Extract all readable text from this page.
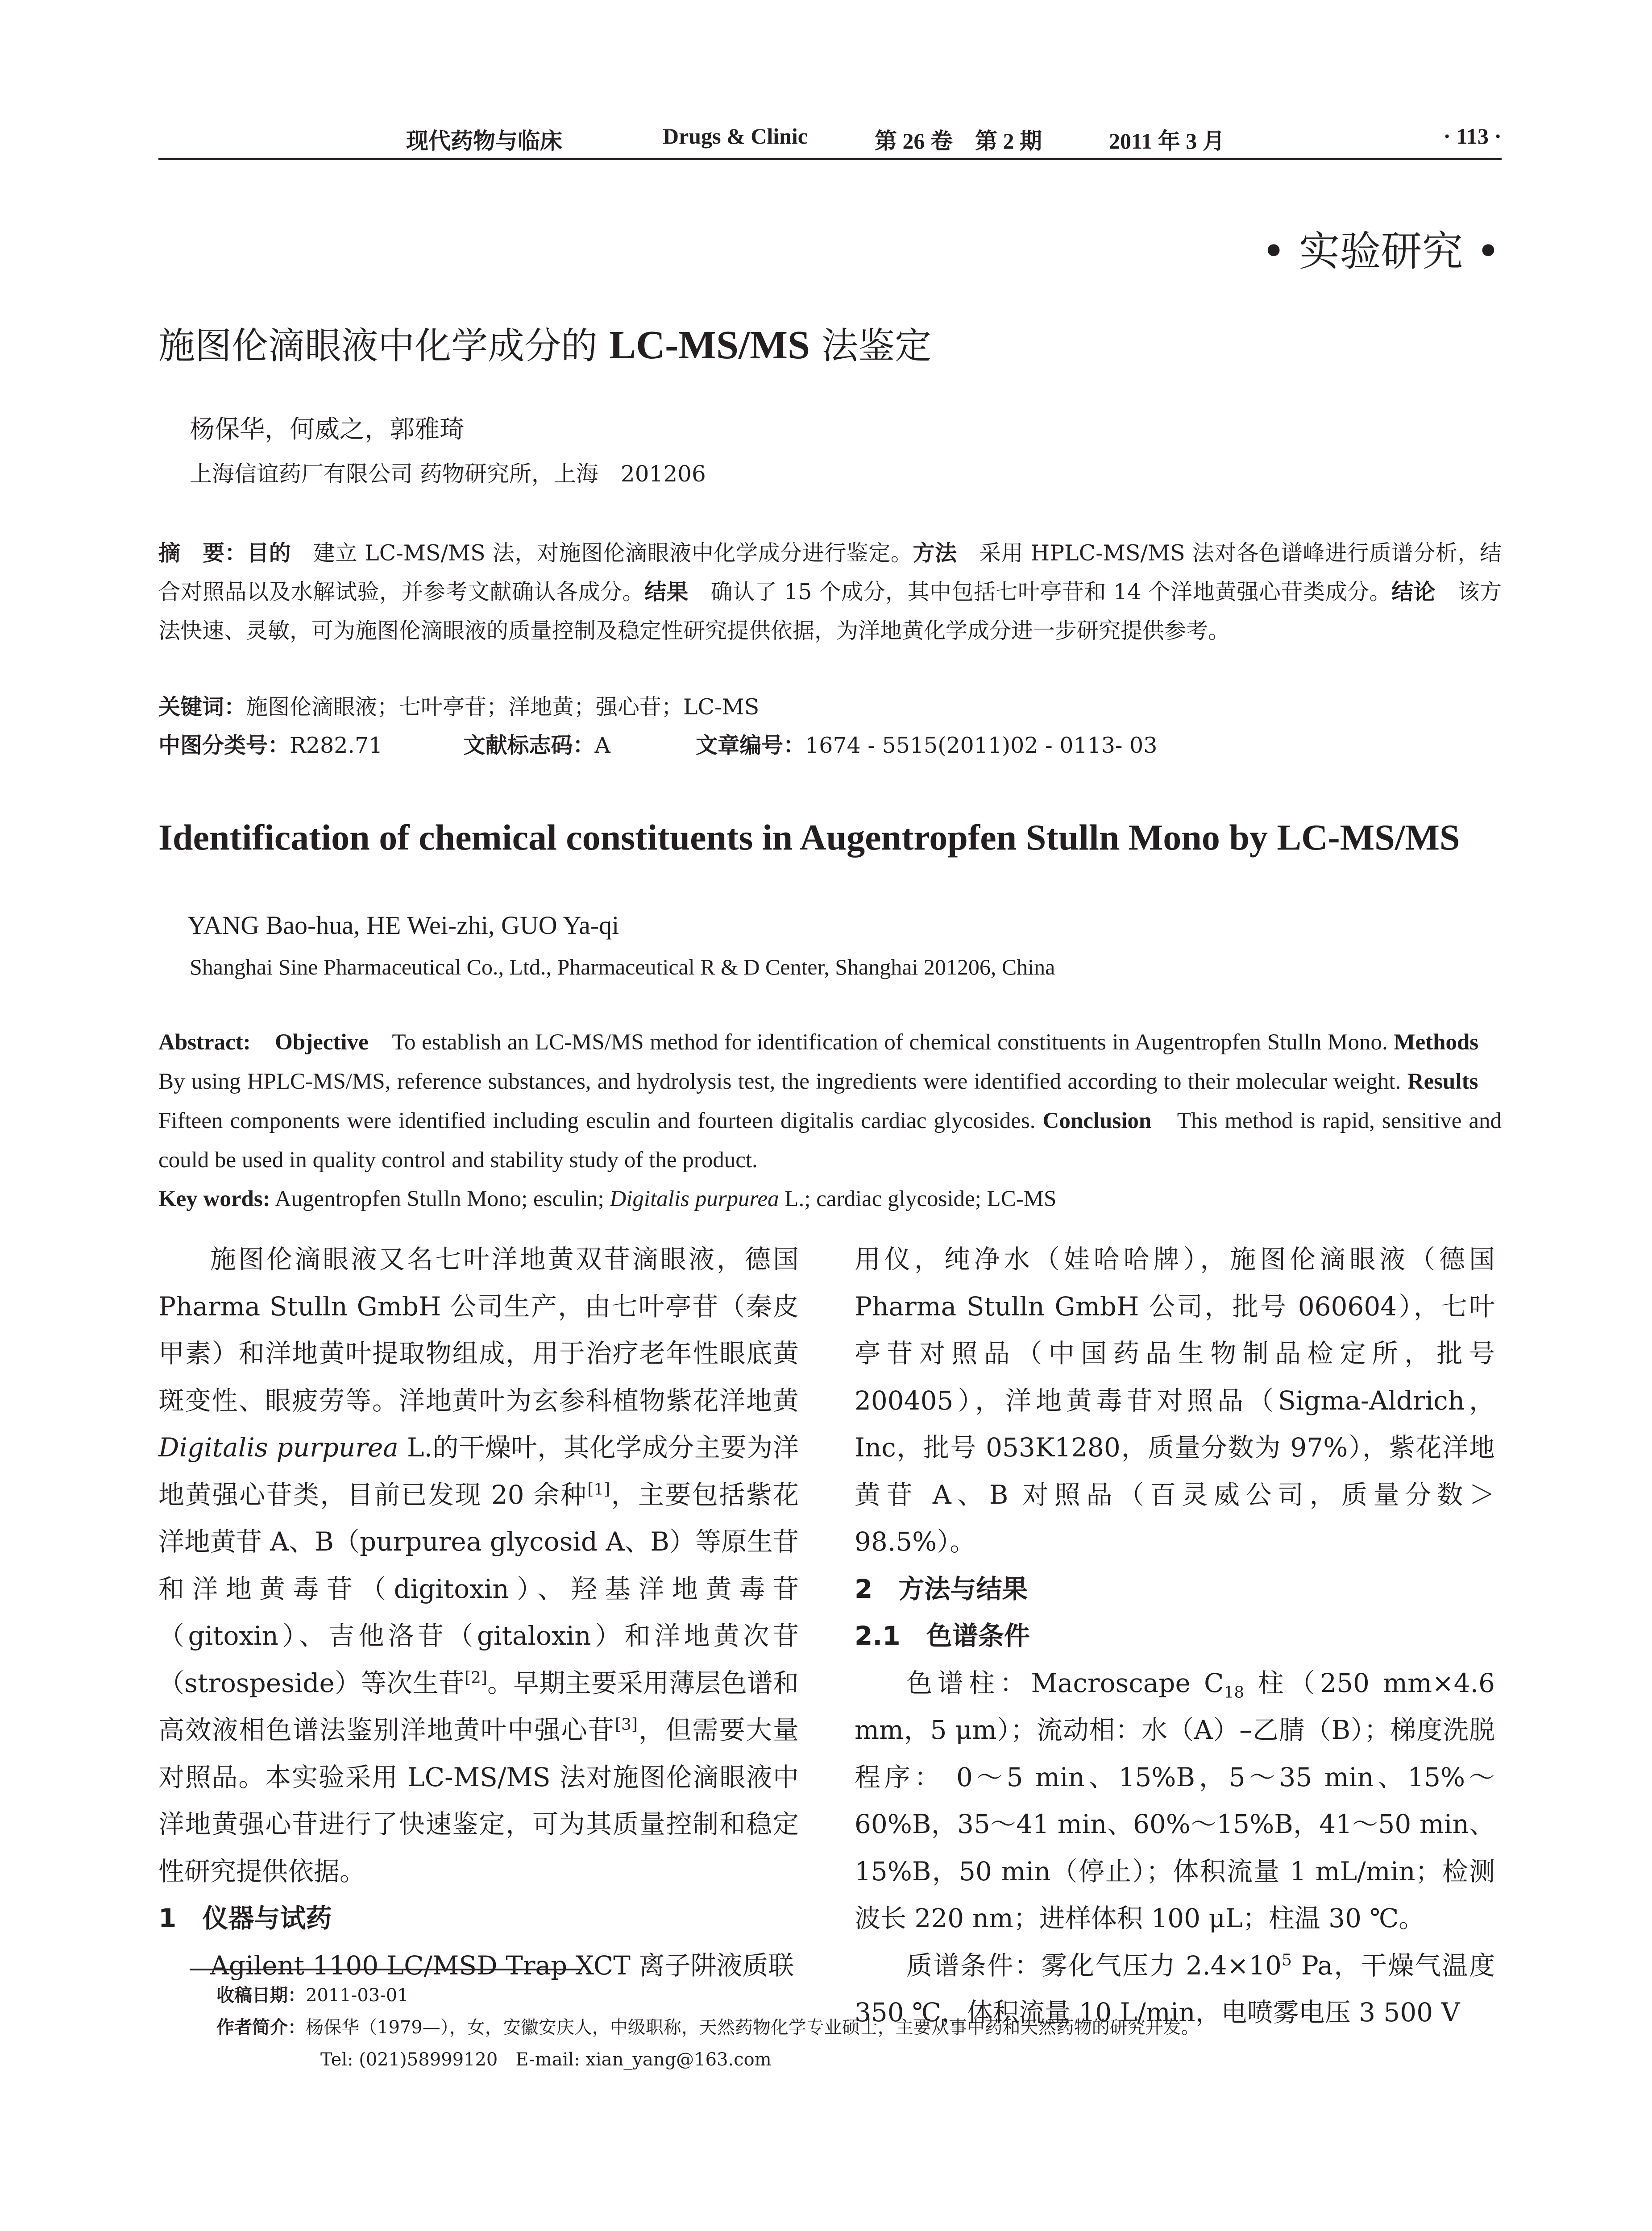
现代药物与临床	Drugs & Clinic	第 26 卷　第 2 期	2011 年 3 月	· 113 ·
• 实验研究 •
施图伦滴眼液中化学成分的 LC-MS/MS 法鉴定
杨保华，何威之，郭雅琦
上海信谊药厂有限公司 药物研究所，上海　201206
摘　要：目的　建立 LC-MS/MS 法，对施图伦滴眼液中化学成分进行鉴定。方法　采用 HPLC-MS/MS 法对各色谱峰进行质谱分析，结合对照品以及水解试验，并参考文献确认各成分。结果　确认了 15 个成分，其中包括七叶亭苷和 14 个洋地黄强心苷类成分。结论　该方法快速、灵敏，可为施图伦滴眼液的质量控制及稳定性研究提供依据，为洋地黄化学成分进一步研究提供参考。
关键词：施图伦滴眼液；七叶亭苷；洋地黄；强心苷；LC-MS
中图分类号：R282.71	文献标志码：A	文章编号：1674 - 5515(2011)02 - 0113- 03
Identification of chemical constituents in Augentropfen Stulln Mono by LC-MS/MS
YANG Bao-hua, HE Wei-zhi, GUO Ya-qi
Shanghai Sine Pharmaceutical Co., Ltd., Pharmaceutical R & D Center, Shanghai 201206, China
Abstract: Objective　To establish an LC-MS/MS method for identification of chemical constituents in Augentropfen Stulln Mono. Methods　By using HPLC-MS/MS, reference substances, and hydrolysis test, the ingredients were identified according to their molecular weight. Results　Fifteen components were identified including esculin and fourteen digitalis cardiac glycosides. Conclusion　This method is rapid, sensitive and could be used in quality control and stability study of the product.
Key words: Augentropfen Stulln Mono; esculin; Digitalis purpurea L.; cardiac glycoside; LC-MS

施图伦滴眼液又名七叶洋地黄双苷滴眼液，德国 Pharma Stulln GmbH 公司生产，由七叶亭苷（秦皮甲素）和洋地黄叶提取物组成，用于治疗老年性眼底黄斑变性、眼疲劳等。洋地黄叶为玄参科植物紫花洋地黄 Digitalis purpurea L.的干燥叶，其化学成分主要为洋地黄强心苷类，目前已发现 20 余种[1]，主要包括紫花洋地黄苷 A、B（purpurea glycosid A、B）等原生苷和洋地黄毒苷（digitoxin）、羟基洋地黄毒苷（gitoxin）、吉他洛苷（gitaloxin）和洋地黄次苷（strospeside）等次生苷[2]。早期主要采用薄层色谱和高效液相色谱法鉴别洋地黄叶中强心苷[3]，但需要大量对照品。本实验采用 LC-MS/MS 法对施图伦滴眼液中洋地黄强心苷进行了快速鉴定，可为其质量控制和稳定性研究提供依据。

1　仪器与试药

Agilent 1100 LC/MSD Trap XCT 离子阱液质联

用仪，纯净水（娃哈哈牌），施图伦滴眼液（德国 Pharma Stulln GmbH 公司，批号 060604），七叶亭苷对照品（中国药品生物制品检定所，批号 200405），洋地黄毒苷对照品（Sigma-Aldrich，Inc，批号 053K1280，质量分数为 97%），紫花洋地黄苷 A、B 对照品（百灵威公司，质量分数＞98.5%）。

2　方法与结果

2.1　色谱条件

色谱柱：Macroscape $C_{18}$ 柱（250 mm×4.6 mm，5 μm）；流动相：水（A）–乙腈（B）；梯度洗脱程序： 0～5 min、15%B，5～35 min、15%～60%B，35～41 min、60%～15%B，41～50 min、15%B，50 min（停止）；体积流量 1 mL/min；检测波长 220 nm；进样体积 100 μL；柱温 30 ℃。

质谱条件：雾化气压力 $2.4\times 10^5$ Pa，干燥气温度 350 ℃，体积流量 10 L/min，电喷雾电压 3 500 V

收稿日期：2011-03-01
作者简介：杨保华（1979—），女，安徽安庆人，中级职称，天然药物化学专业硕士，主要从事中药和天然药物的研究开发。
Tel: (021)58999120　E-mail: xian_yang@163.com
